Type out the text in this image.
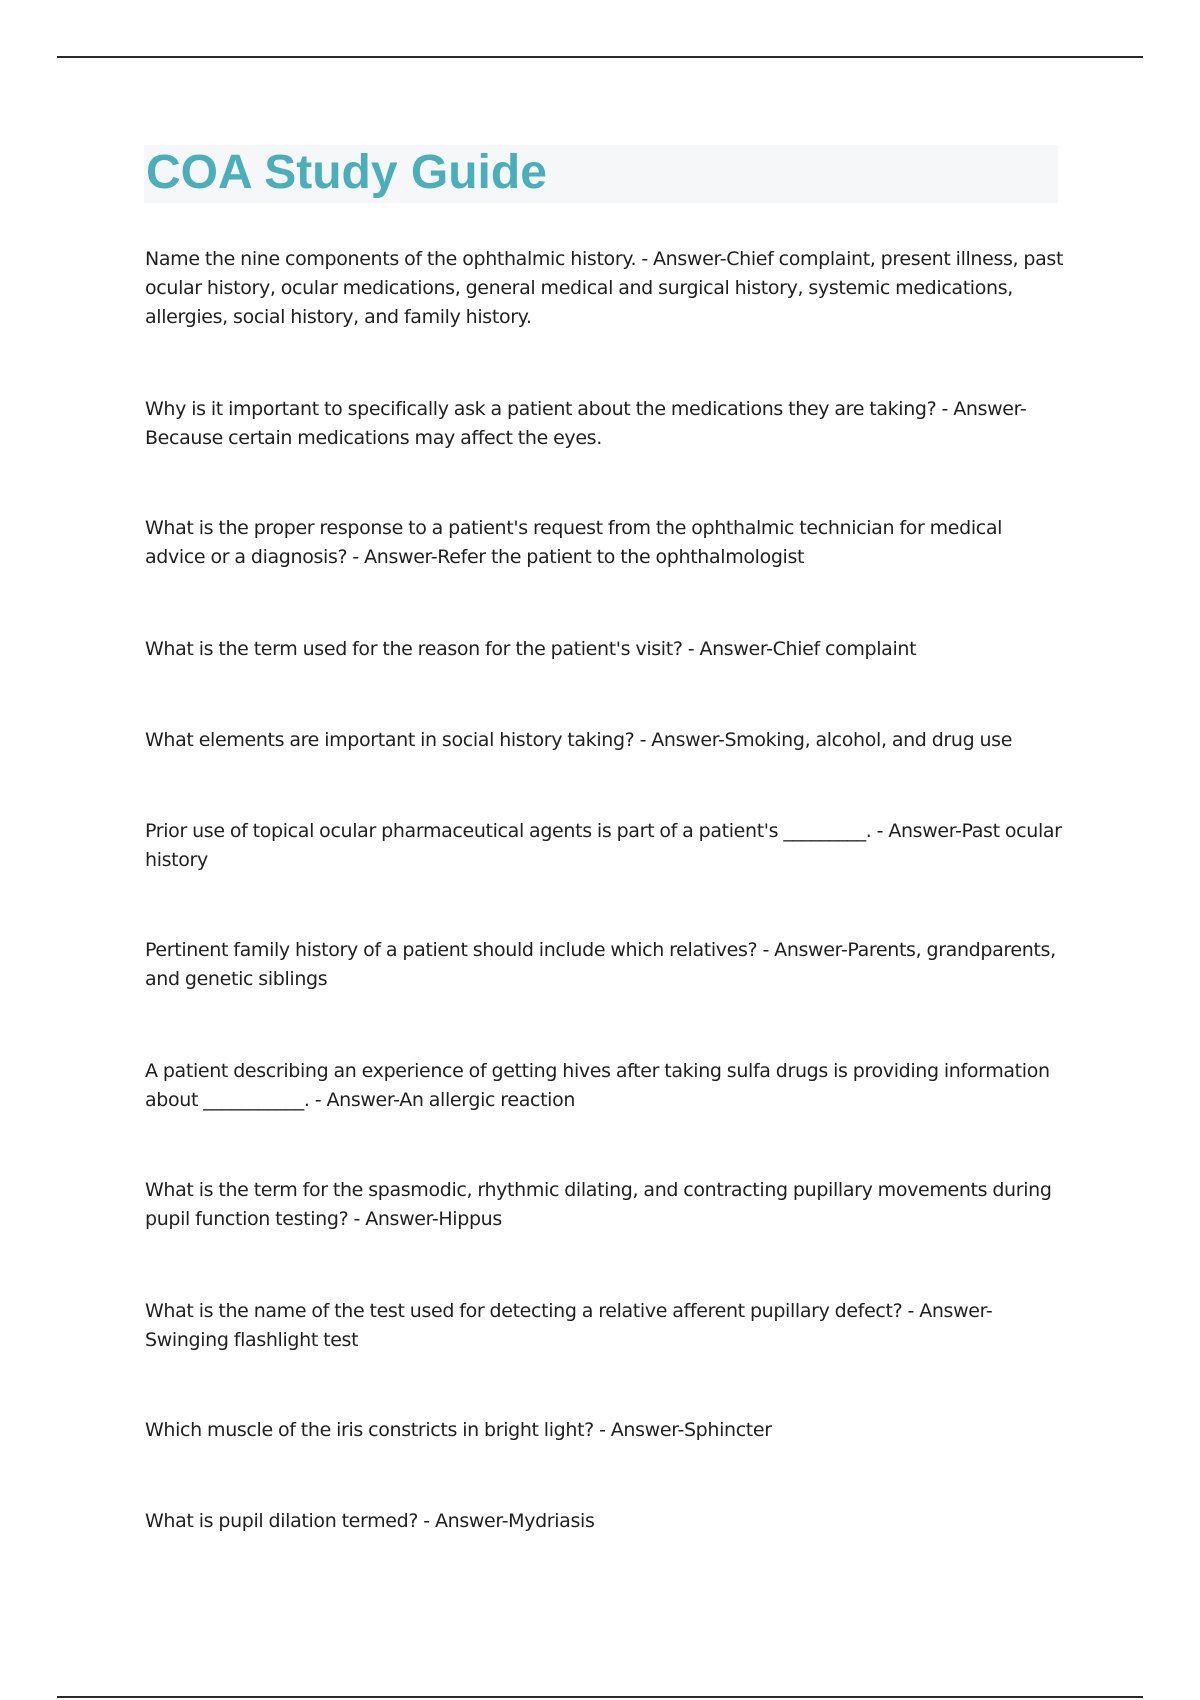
COA Study Guide

Name the nine components of the ophthalmic history. - Answer-Chief complaint, present illness, past ocular history, ocular medications, general medical and surgical history, systemic medications, allergies, social history, and family history.

Why is it important to specifically ask a patient about the medications they are taking? - Answer-Because certain medications may affect the eyes.

What is the proper response to a patient's request from the ophthalmic technician for medical advice or a diagnosis? - Answer-Refer the patient to the ophthalmologist

What is the term used for the reason for the patient's visit? - Answer-Chief complaint

What elements are important in social history taking? - Answer-Smoking, alcohol, and drug use

Prior use of topical ocular pharmaceutical agents is part of a patient's _________. - Answer-Past ocular history

Pertinent family history of a patient should include which relatives? - Answer-Parents, grandparents, and genetic siblings

A patient describing an experience of getting hives after taking sulfa drugs is providing information about ___________. - Answer-An allergic reaction

What is the term for the spasmodic, rhythmic dilating, and contracting pupillary movements during pupil function testing? - Answer-Hippus

What is the name of the test used for detecting a relative afferent pupillary defect? - Answer-Swinging flashlight test

Which muscle of the iris constricts in bright light? - Answer-Sphincter

What is pupil dilation termed? - Answer-Mydriasis
